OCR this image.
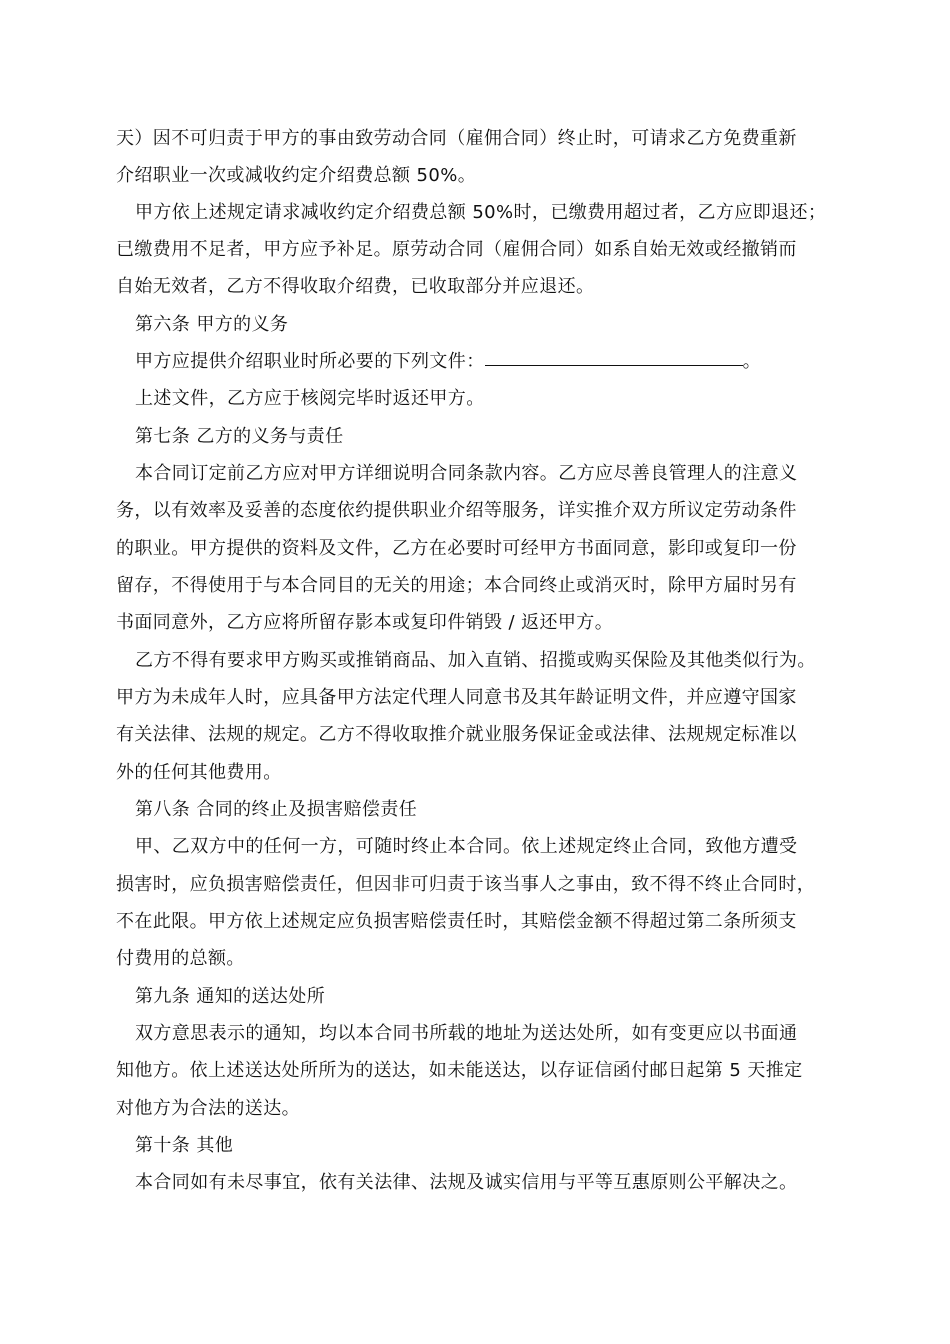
天）因不可归责于甲方的事由致劳动合同（雇佣合同）终止时，可请求乙方免费重新
介绍职业一次或减收约定介绍费总额 50%。
甲方依上述规定请求减收约定介绍费总额 50%时，已缴费用超过者，乙方应即退还；
已缴费用不足者，甲方应予补足。原劳动合同（雇佣合同）如系自始无效或经撤销而
自始无效者，乙方不得收取介绍费，已收取部分并应退还。
第六条 甲方的义务
甲方应提供介绍职业时所必要的下列文件：	。
上述文件，乙方应于核阅完毕时返还甲方。
第七条 乙方的义务与责任
本合同订定前乙方应对甲方详细说明合同条款内容。乙方应尽善良管理人的注意义
务，以有效率及妥善的态度依约提供职业介绍等服务，详实推介双方所议定劳动条件
的职业。甲方提供的资料及文件，乙方在必要时可经甲方书面同意，影印或复印一份
留存，不得使用于与本合同目的无关的用途；本合同终止或消灭时，除甲方届时另有
书面同意外，乙方应将所留存影本或复印件销毁 / 返还甲方。
乙方不得有要求甲方购买或推销商品、加入直销、招揽或购买保险及其他类似行为。
甲方为未成年人时，应具备甲方法定代理人同意书及其年龄证明文件，并应遵守国家
有关法律、法规的规定。乙方不得收取推介就业服务保证金或法律、法规规定标准以
外的任何其他费用。
第八条 合同的终止及损害赔偿责任
甲、乙双方中的任何一方，可随时终止本合同。依上述规定终止合同，致他方遭受
损害时，应负损害赔偿责任，但因非可归责于该当事人之事由，致不得不终止合同时，
不在此限。甲方依上述规定应负损害赔偿责任时，其赔偿金额不得超过第二条所须支
付费用的总额。
第九条 通知的送达处所
双方意思表示的通知，均以本合同书所载的地址为送达处所，如有变更应以书面通
知他方。依上述送达处所所为的送达，如未能送达，以存证信函付邮日起第 5 天推定
对他方为合法的送达。
第十条 其他
本合同如有未尽事宜，依有关法律、法规及诚实信用与平等互惠原则公平解决之。
